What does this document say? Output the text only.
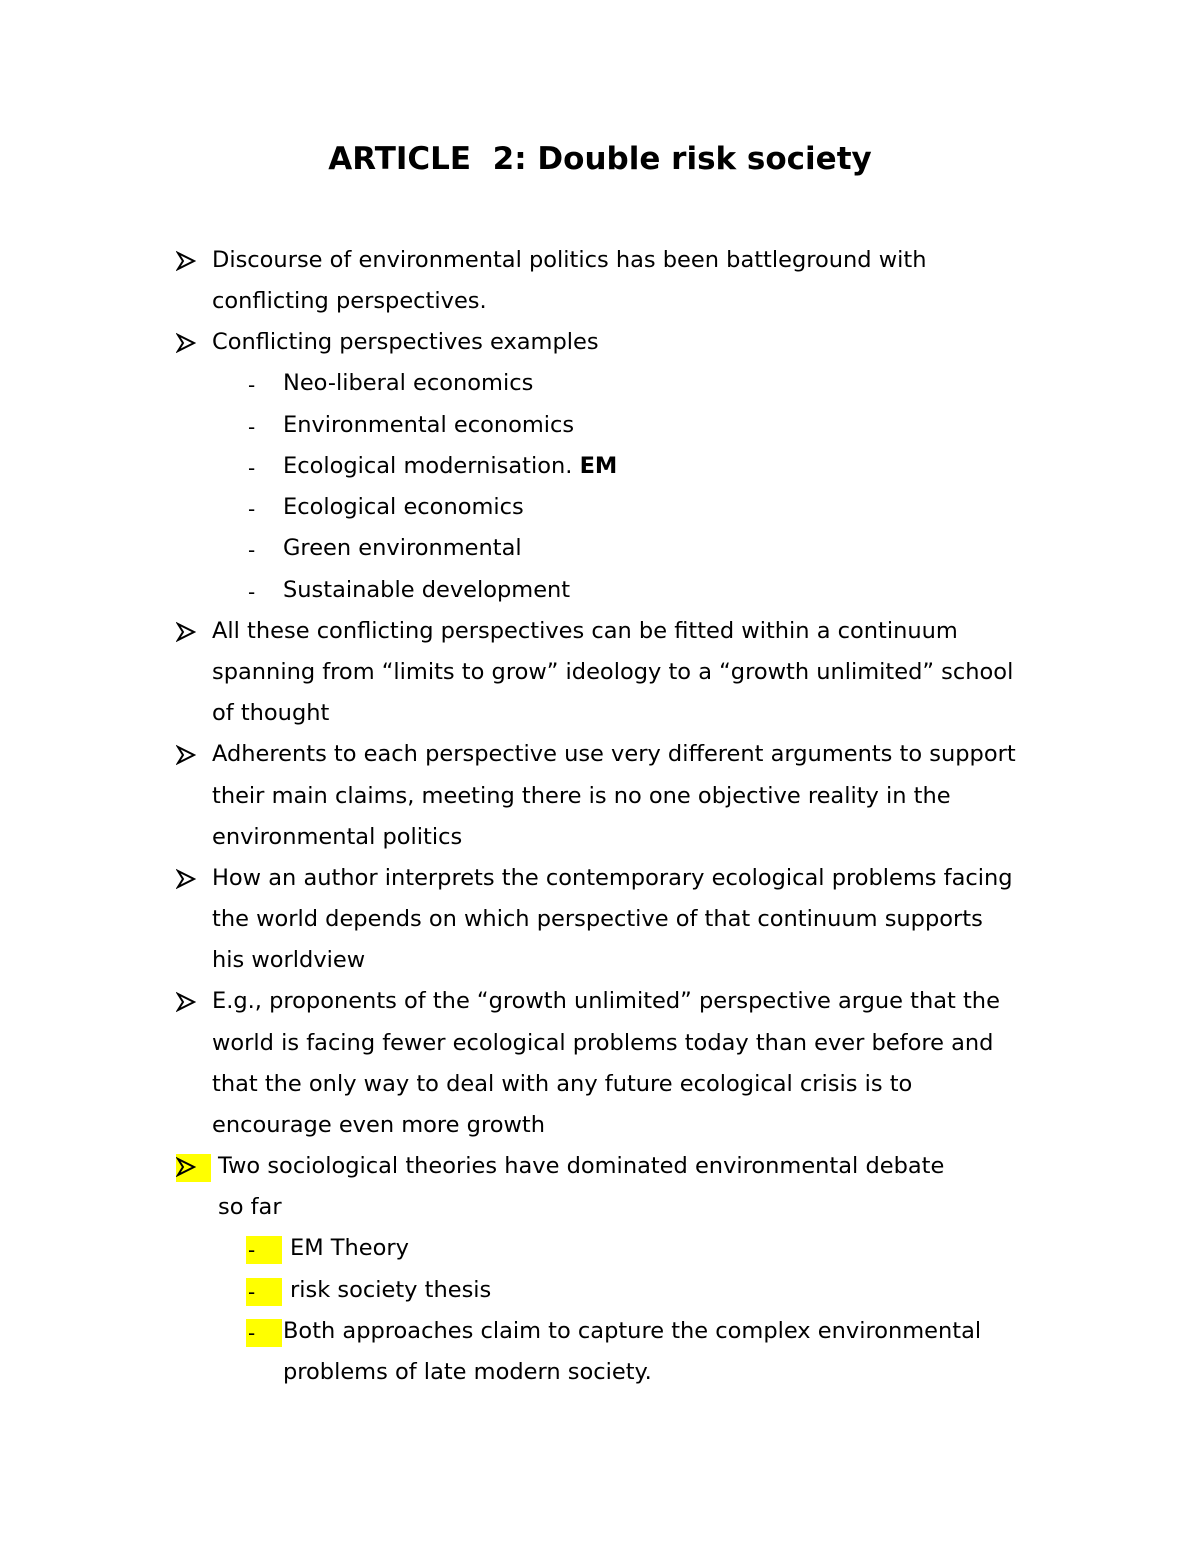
ARTICLE  2: Double risk society
Discourse of environmental politics has been battleground with
conflicting perspectives.
Conflicting perspectives examples
- Neo-liberal economics
- Environmental economics
- Ecological modernisation. EM
- Ecological economics
- Green environmental
- Sustainable development
All these conflicting perspectives can be fitted within a continuum
spanning from “limits to grow” ideology to a “growth unlimited” school
of thought
Adherents to each perspective use very different arguments to support
their main claims, meeting there is no one objective reality in the
environmental politics
How an author interprets the contemporary ecological problems facing
the world depends on which perspective of that continuum supports
his worldview
E.g., proponents of the “growth unlimited” perspective argue that the
world is facing fewer ecological problems today than ever before and
that the only way to deal with any future ecological crisis is to
encourage even more growth
Two sociological theories have dominated environmental debate
so far
- EM Theory
- risk society thesis
- Both approaches claim to capture the complex environmental
problems of late modern society.
